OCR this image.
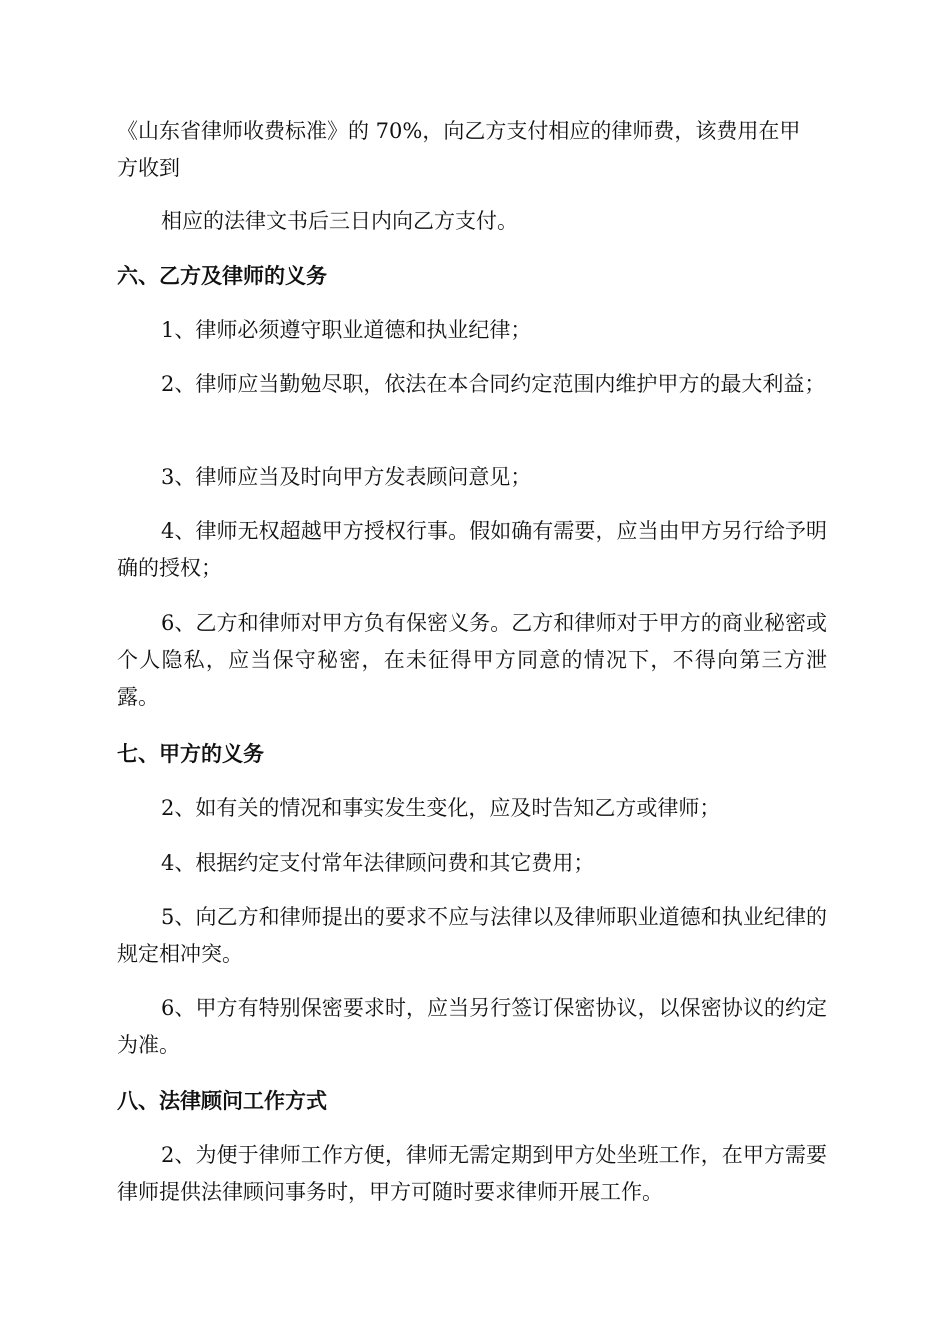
《山东省律师收费标准》的 70%，向乙方支付相应的律师费，该费用在甲
方收到

相应的法律文书后三日内向乙方支付。

六、乙方及律师的义务

1、律师必须遵守职业道德和执业纪律；

2、律师应当勤勉尽职，依法在本合同约定范围内维护甲方的最大利益；

3、律师应当及时向甲方发表顾问意见；

4、律师无权超越甲方授权行事。假如确有需要，应当由甲方另行给予明确的授权；

6、乙方和律师对甲方负有保密义务。乙方和律师对于甲方的商业秘密或个人隐私，应当保守秘密，在未征得甲方同意的情况下，不得向第三方泄露。

七、甲方的义务

2、如有关的情况和事实发生变化，应及时告知乙方或律师；

4、根据约定支付常年法律顾问费和其它费用；

5、向乙方和律师提出的要求不应与法律以及律师职业道德和执业纪律的规定相冲突。

6、甲方有特别保密要求时，应当另行签订保密协议，以保密协议的约定为准。

八、法律顾问工作方式

2、为便于律师工作方便，律师无需定期到甲方处坐班工作，在甲方需要律师提供法律顾问事务时，甲方可随时要求律师开展工作。
